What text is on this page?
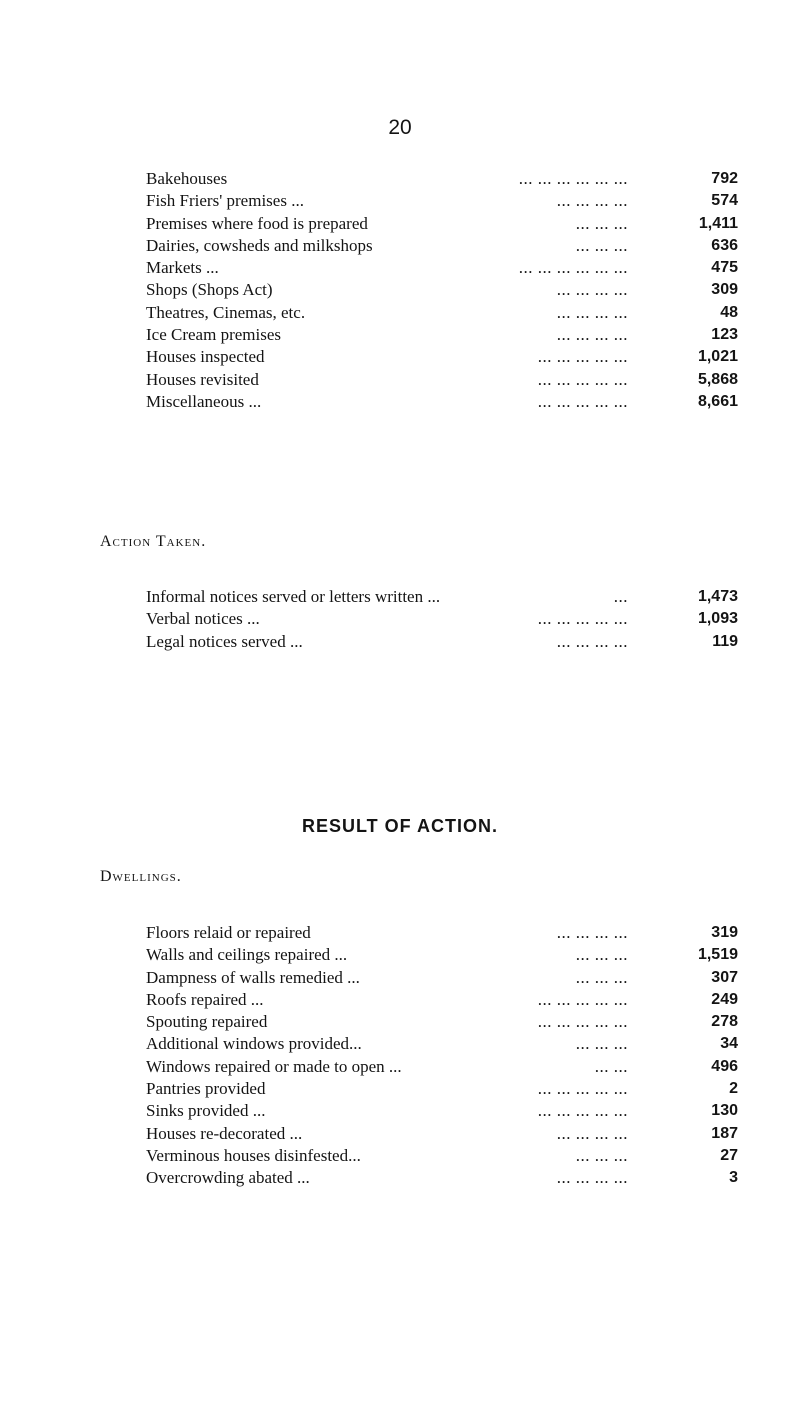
20
Bakehouses	... ... ... ... ... ...	792
Fish Friers' premises ...	... ... ... ...	574
Premises where food is prepared	... ... ...	1,411
Dairies, cowsheds and milkshops	... ... ...	636
Markets ...	... ... ... ... ... ...	475
Shops (Shops Act)	... ... ... ...	309
Theatres, Cinemas, etc.	... ... ... ...	48
Ice Cream premises	... ... ... ...	123
Houses inspected	... ... ... ... ...	1,021
Houses revisited	... ... ... ... ...	5,868
Miscellaneous ...	... ... ... ... ...	8,661
Action Taken.
Informal notices served or letters written ...	...	1,473
Verbal notices ...	... ... ... ... ...	1,093
Legal notices served ...	... ... ... ...	119
RESULT OF ACTION.
Dwellings.
Floors relaid or repaired	... ... ... ...	319
Walls and ceilings repaired ...	... ... ...	1,519
Dampness of walls remedied ...	... ... ...	307
Roofs repaired ...	... ... ... ... ...	249
Spouting repaired	... ... ... ... ...	278
Additional windows provided...	... ... ...	34
Windows repaired or made to open ...	... ...	496
Pantries provided	... ... ... ... ...	2
Sinks provided ...	... ... ... ... ...	130
Houses re-decorated ...	... ... ... ...	187
Verminous houses disinfested...	... ... ...	27
Overcrowding abated ...	... ... ... ...	3
